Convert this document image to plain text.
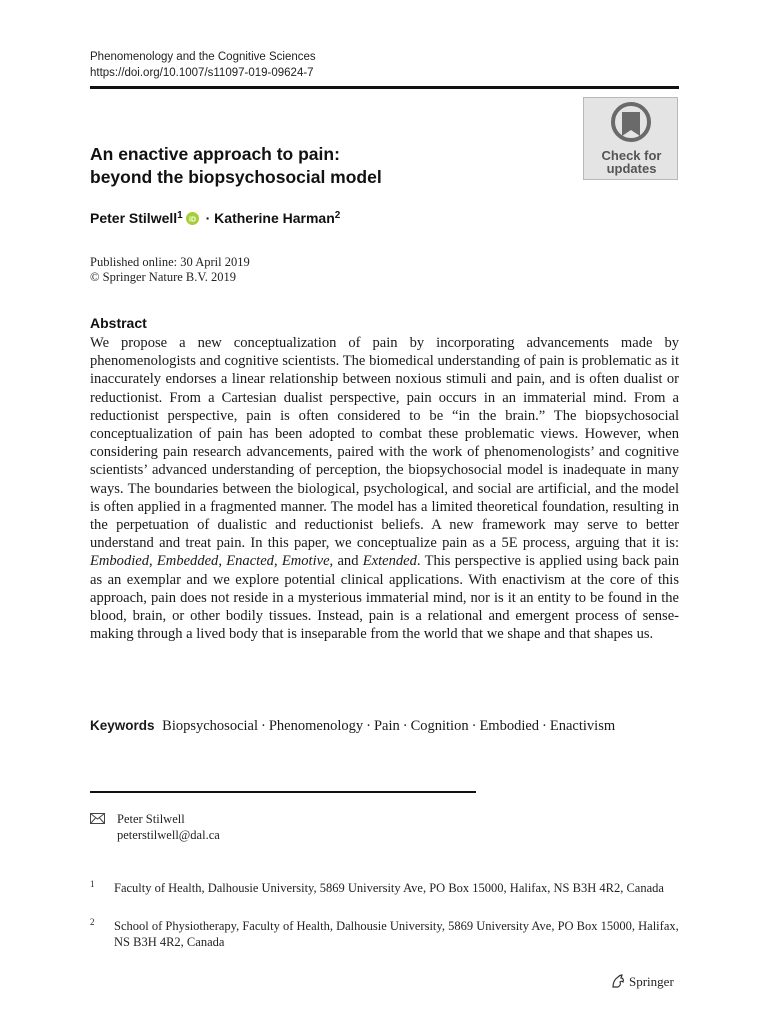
Phenomenology and the Cognitive Sciences
https://doi.org/10.1007/s11097-019-09624-7
Check for
updates
An enactive approach to pain:
beyond the biopsychosocial model
Peter Stilwell$^1$ iD · Katherine Harman$^2$
Published online: 30 April 2019
© Springer Nature B.V. 2019
Abstract

We propose a new conceptualization of pain by incorporating advancements made by phenomenologists and cognitive scientists. The biomedical understanding of pain is problematic as it inaccurately endorses a linear relationship between noxious stimuli and pain, and is often dualist or reductionist. From a Cartesian dualist perspective, pain occurs in an immaterial mind. From a reductionist perspective, pain is often considered to be “in the brain.” The biopsychosocial conceptualization of pain has been adopted to combat these problematic views. However, when considering pain research advancements, paired with the work of phenomenologists’ and cognitive scientists’ advanced understanding of perception, the biopsychosocial model is inadequate in many ways. The boundaries between the biological, psychological, and social are artificial, and the model is often applied in a fragmented manner. The model has a limited theoretical foundation, resulting in the perpetuation of dualistic and reductionist beliefs. A new framework may serve to better understand and treat pain. In this paper, we conceptualize pain as a 5E process, arguing that it is: Embodied, Embedded, Enacted, Emotive, and Extended. This perspective is applied using back pain as an exemplar and we explore potential clinical applications. With enactivism at the core of this approach, pain does not reside in a mysterious immaterial mind, nor is it an entity to be found in the blood, brain, or other bodily tissues. Instead, pain is a relational and emergent process of sense-making through a lived body that is inseparable from the world that we shape and that shapes us.

Keywords Biopsychosocial · Phenomenology · Pain · Cognition · Embodied · Enactivism
Peter Stilwell
peterstilwell@dal.ca
1 Faculty of Health, Dalhousie University, 5869 University Ave, PO Box 15000, Halifax, NS B3H 4R2, Canada
2 School of Physiotherapy, Faculty of Health, Dalhousie University, 5869 University Ave, PO Box 15000, Halifax, NS B3H 4R2, Canada
Springer
